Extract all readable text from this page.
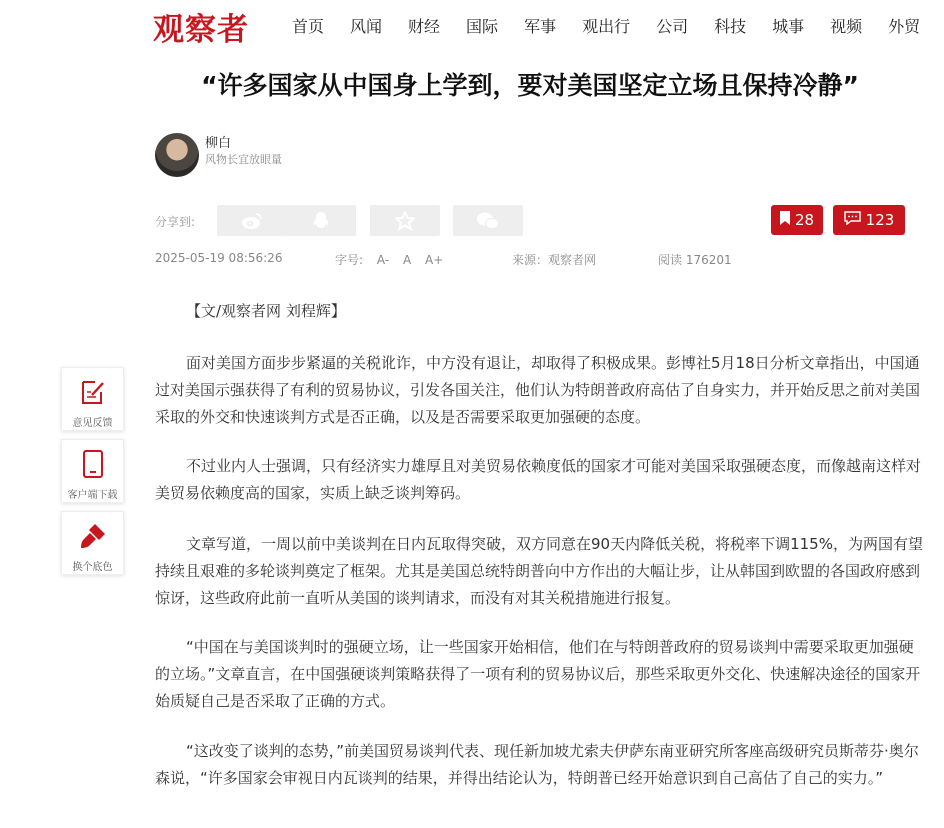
观察者	首页 风闻 财经 国际 军事 观出行 公司 科技 城事 视频 外贸
“许多国家从中国身上学到，要对美国坚定立场且保持冷静”
柳白
风物长宜放眼量
分享到:	28	123
2025-05-19 08:56:26	字号: A- A A+	来源：观察者网	阅读 176201
意见反馈
客户端下载
换个底色

【文/观察者网 刘程辉】

面对美国方面步步紧逼的关税讹诈，中方没有退让，却取得了积极成果。彭博社5月18日分析文章指出，中国通过对美国示强获得了有利的贸易协议，引发各国关注，他们认为特朗普政府高估了自身实力，并开始反思之前对美国采取的外交和快速谈判方式是否正确，以及是否需要采取更加强硬的态度。

不过业内人士强调，只有经济实力雄厚且对美贸易依赖度低的国家才可能对美国采取强硬态度，而像越南这样对美贸易依赖度高的国家，实质上缺乏谈判筹码。

文章写道，一周以前中美谈判在日内瓦取得突破，双方同意在90天内降低关税，将税率下调115%，为两国有望持续且艰难的多轮谈判奠定了框架。尤其是美国总统特朗普向中方作出的大幅让步，让从韩国到欧盟的各国政府感到惊讶，这些政府此前一直听从美国的谈判请求，而没有对其关税措施进行报复。

“中国在与美国谈判时的强硬立场，让一些国家开始相信，他们在与特朗普政府的贸易谈判中需要采取更加强硬的立场。”文章直言，在中国强硬谈判策略获得了一项有利的贸易协议后，那些采取更外交化、快速解决途径的国家开始质疑自己是否采取了正确的方式。

“这改变了谈判的态势，”前美国贸易谈判代表、现任新加坡尤索夫伊萨东南亚研究所客座高级研究员斯蒂芬·奥尔森说，“许多国家会审视日内瓦谈判的结果，并得出结论认为，特朗普已经开始意识到自己高估了自己的实力。”
